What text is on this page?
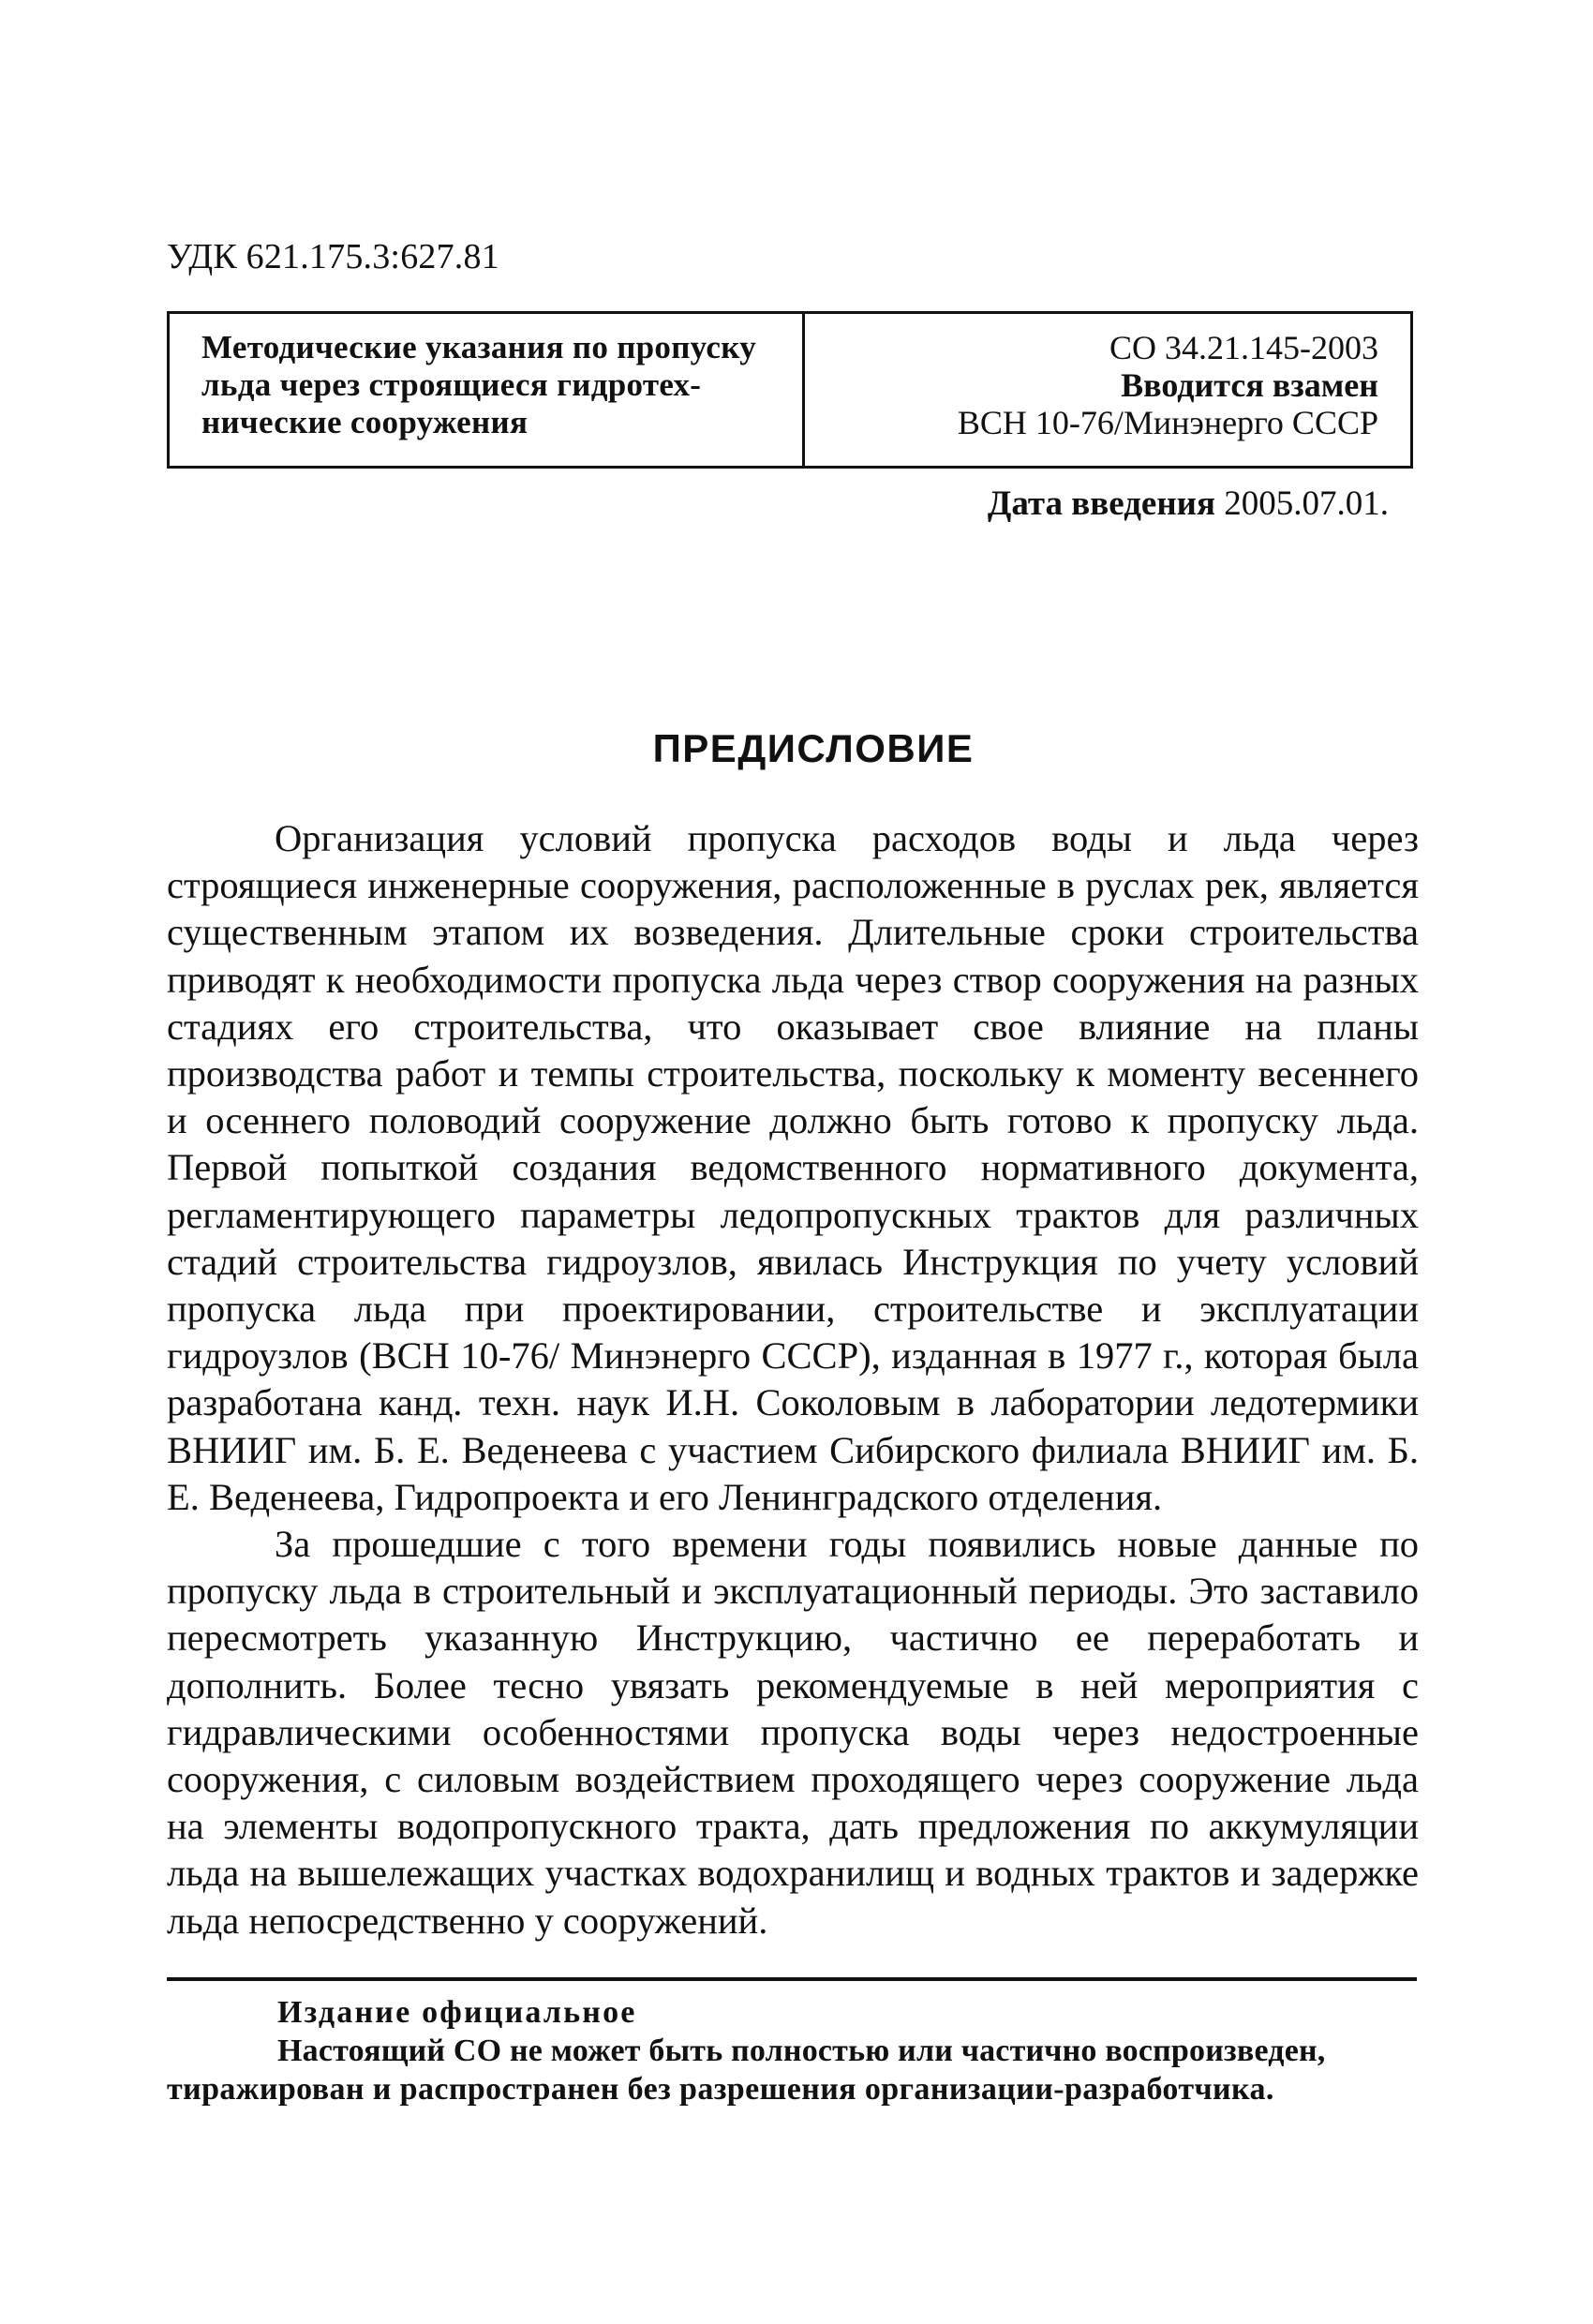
УДК 621.175.3:627.81
Методические указания по пропуску
льда через строящиеся гидротех-
нические сооружения
СО 34.21.145-2003
Вводится взамен
ВСН 10-76/Минэнерго СССР
Дата введения 2005.07.01.
ПРЕДИСЛОВИЕ

Организация условий пропуска расходов воды и льда через строящиеся инженерные сооружения, расположенные в руслах рек, является существенным этапом их возведения. Длительные сроки строительства приводят к необходимости пропуска льда через створ сооружения на разных стадиях его строительства, что оказывает свое влияние на планы производства работ и темпы строительства, поскольку к моменту весеннего и осеннего половодий сооружение должно быть готово к пропуску льда. Первой попыткой создания ведомственного нормативного документа, регламентирующего параметры ледопропускных трактов для различных стадий строительства гидроузлов, явилась Инструкция по учету условий пропуска льда при проектировании, строительстве и эксплуатации гидроузлов (ВСН 10-76/ Минэнерго СССР), изданная в 1977 г., которая была разработана канд. техн. наук И.Н. Соколовым в лаборатории ледотермики ВНИИГ им. Б. Е. Веденеева с участием Сибирского филиала ВНИИГ им. Б. Е. Веденеева, Гидропроекта и его Ленинградского отделения.

За прошедшие с того времени годы появились новые данные по пропуску льда в строительный и эксплуатационный периоды. Это заставило пересмотреть указанную Инструкцию, частично ее переработать и дополнить. Более тесно увязать рекомендуемые в ней мероприятия с гидравлическими особенностями пропуска воды через недостроенные сооружения, с силовым воздействием проходящего через сооружение льда на элементы водопропускного тракта, дать предложения по аккумуляции льда на вышележащих участках водохранилищ и водных трактов и задержке льда непосредственно у сооружений.

Издание официальное
Настоящий СО не может быть полностью или частично воспроизведен,
тиражирован и распространен без разрешения организации-разработчика.
